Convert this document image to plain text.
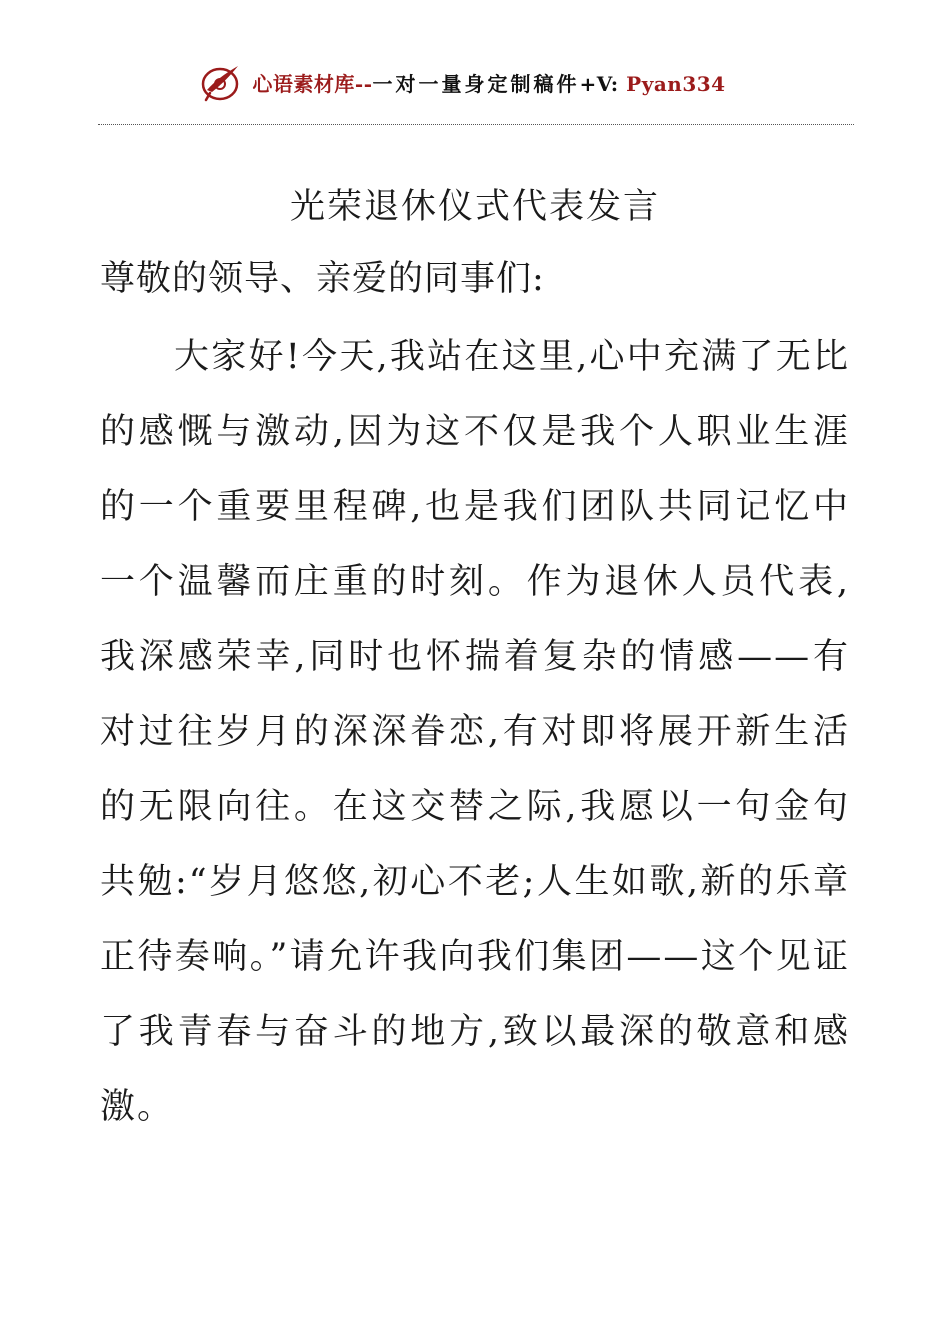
心语素材库--一对一量身定制稿件+V: Pyan334
光荣退休仪式代表发言
尊敬的领导、亲爱的同事们:
大家好!今天,我站在这里,心中充满了无比的感慨与激动,因为这不仅是我个人职业生涯的一个重要里程碑,也是我们团队共同记忆中一个温馨而庄重的时刻。作为退休人员代表,我深感荣幸,同时也怀揣着复杂的情感——有对过往岁月的深深眷恋,有对即将展开新生活的无限向往。在这交替之际,我愿以一句金句共勉:“岁月悠悠,初心不老;人生如歌,新的乐章正待奏响。”请允许我向我们集团——这个见证了我青春与奋斗的地方,致以最深的敬意和感激。
